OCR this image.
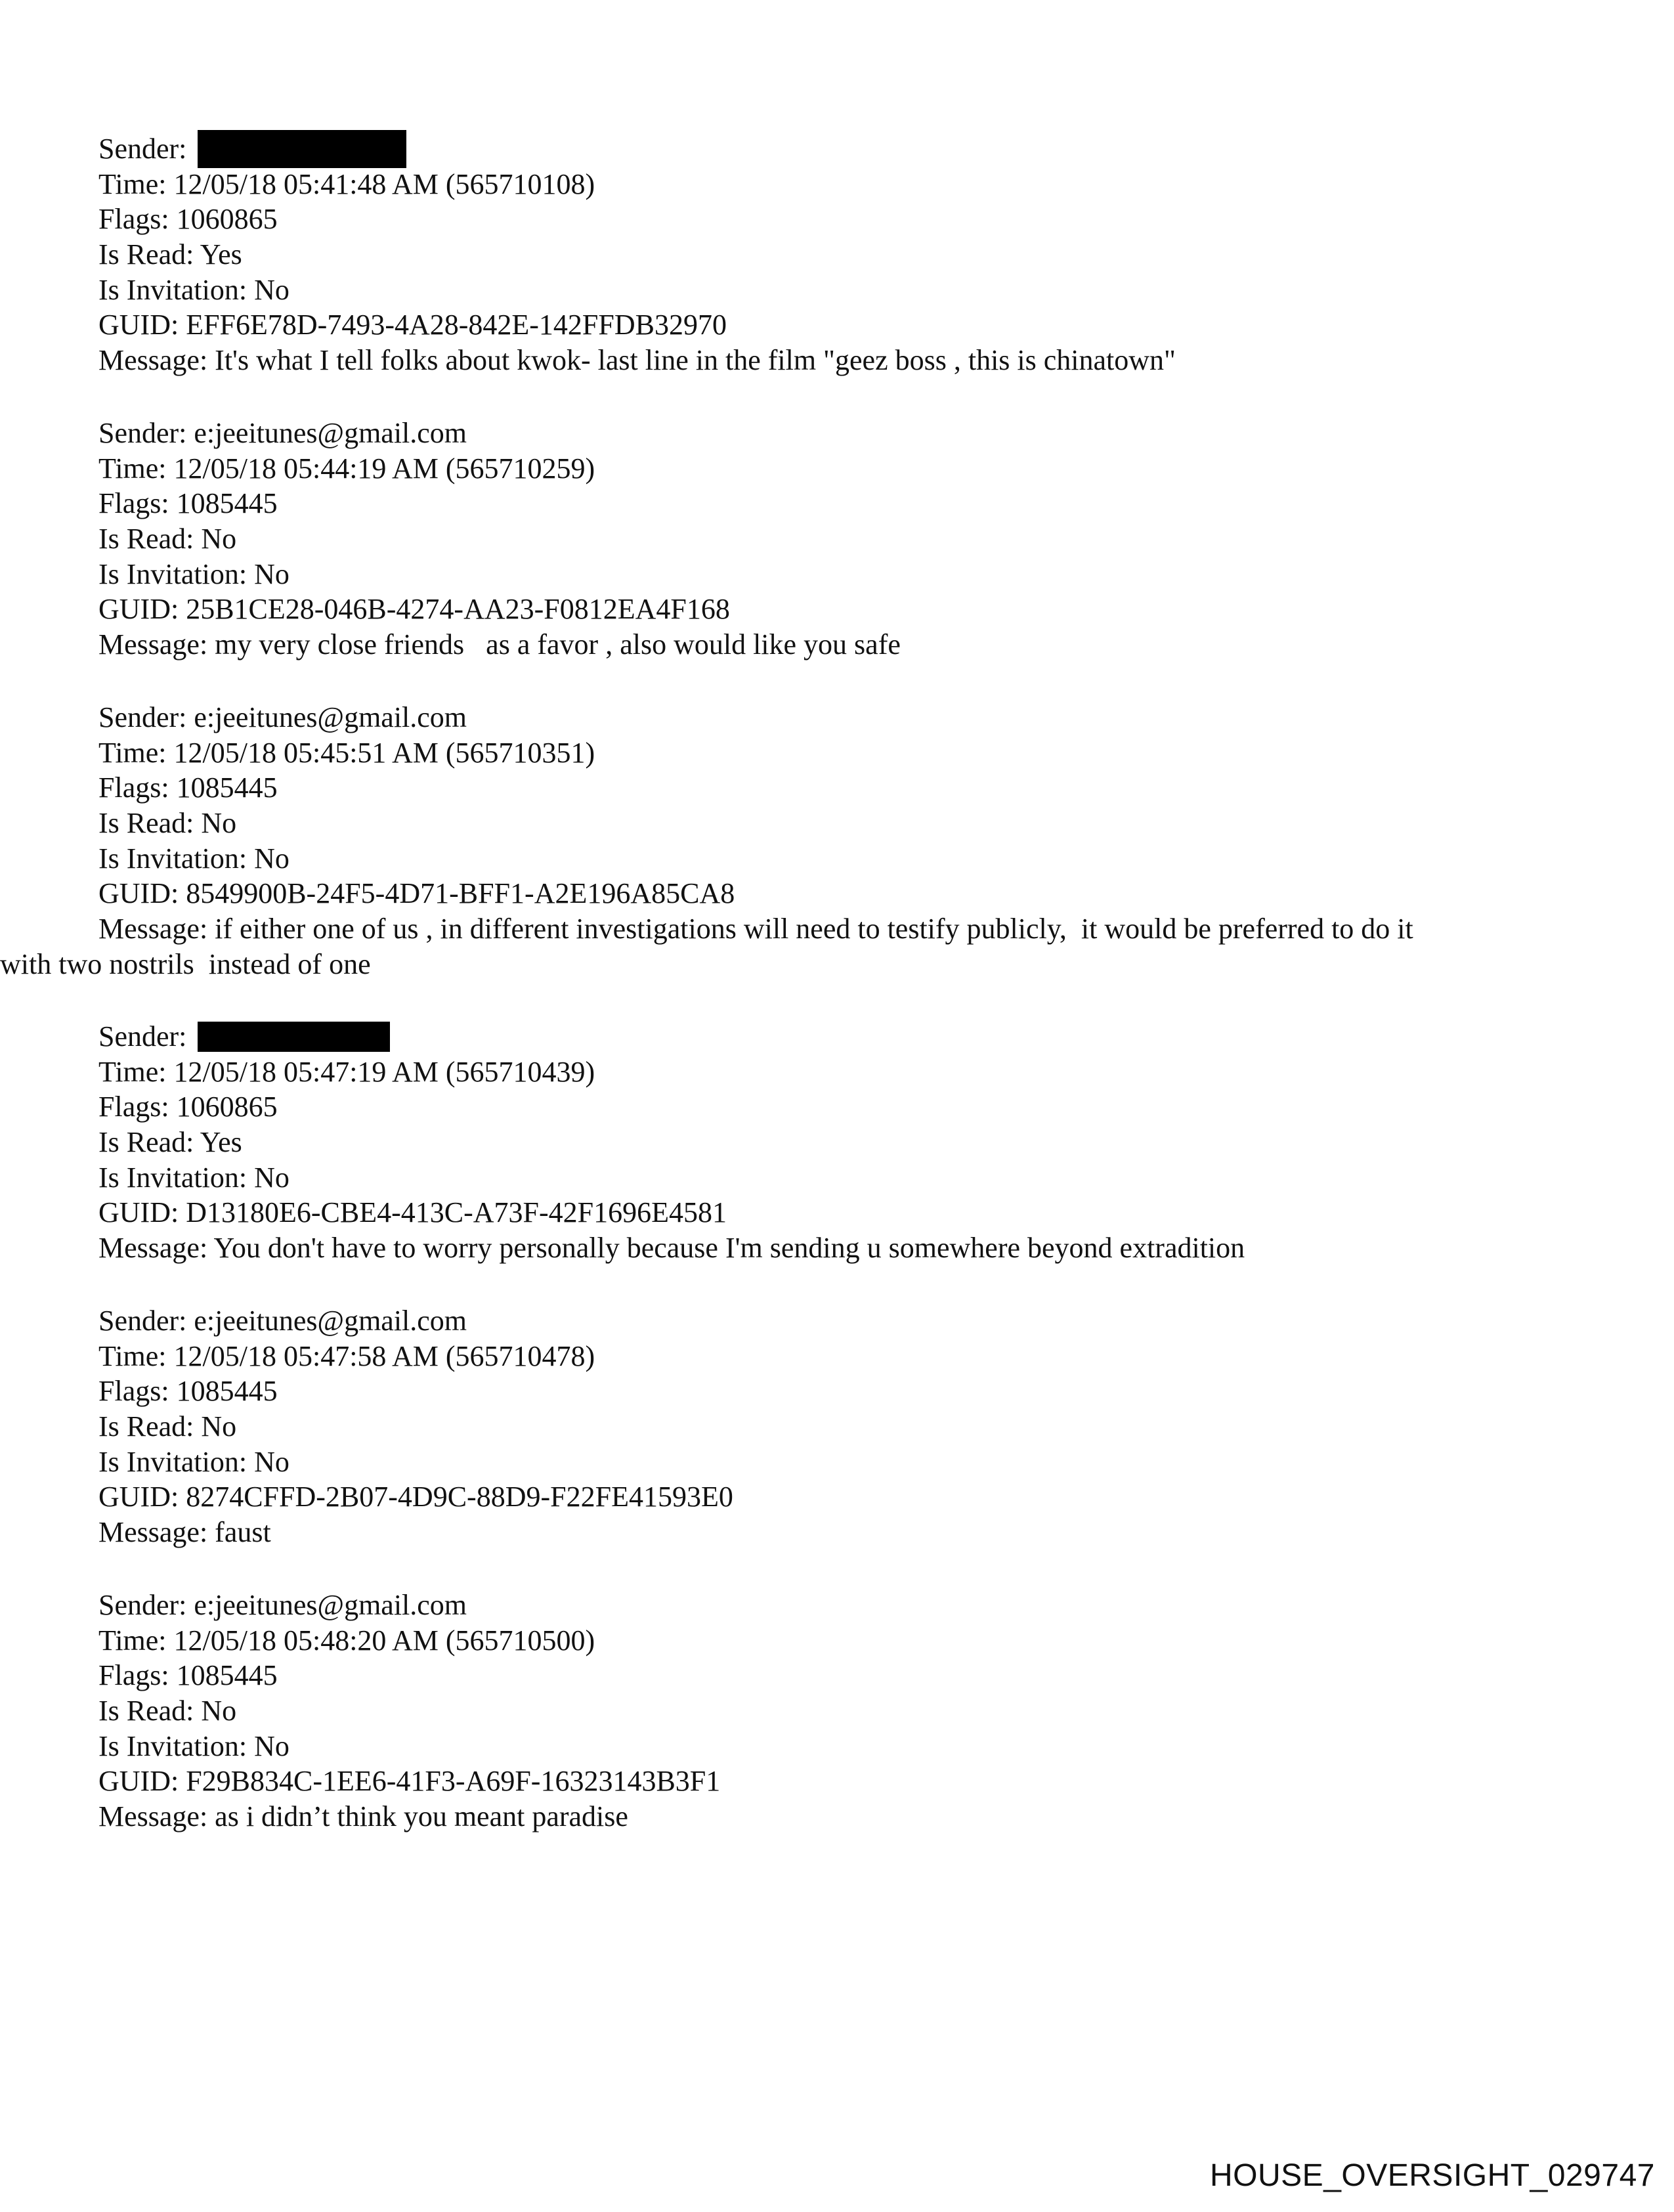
Sender:
Time: 12/05/18 05:41:48 AM (565710108)
Flags: 1060865
Is Read: Yes
Is Invitation: No
GUID: EFF6E78D-7493-4A28-842E-142FFDB32970
Message: It's what I tell folks about kwok- last line in the film "geez boss , this is chinatown"
Sender: e:jeeitunes@gmail.com
Time: 12/05/18 05:44:19 AM (565710259)
Flags: 1085445
Is Read: No
Is Invitation: No
GUID: 25B1CE28-046B-4274-AA23-F0812EA4F168
Message: my very close friends   as a favor , also would like you safe
Sender: e:jeeitunes@gmail.com
Time: 12/05/18 05:45:51 AM (565710351)
Flags: 1085445
Is Read: No
Is Invitation: No
GUID: 8549900B-24F5-4D71-BFF1-A2E196A85CA8
Message: if either one of us , in different investigations will need to testify publicly,  it would be preferred to do it
with two nostrils  instead of one
Sender:
Time: 12/05/18 05:47:19 AM (565710439)
Flags: 1060865
Is Read: Yes
Is Invitation: No
GUID: D13180E6-CBE4-413C-A73F-42F1696E4581
Message: You don't have to worry personally because I'm sending u somewhere beyond extradition
Sender: e:jeeitunes@gmail.com
Time: 12/05/18 05:47:58 AM (565710478)
Flags: 1085445
Is Read: No
Is Invitation: No
GUID: 8274CFFD-2B07-4D9C-88D9-F22FE41593E0
Message: faust
Sender: e:jeeitunes@gmail.com
Time: 12/05/18 05:48:20 AM (565710500)
Flags: 1085445
Is Read: No
Is Invitation: No
GUID: F29B834C-1EE6-41F3-A69F-16323143B3F1
Message: as i didn’t think you meant paradise
HOUSE_OVERSIGHT_029747
